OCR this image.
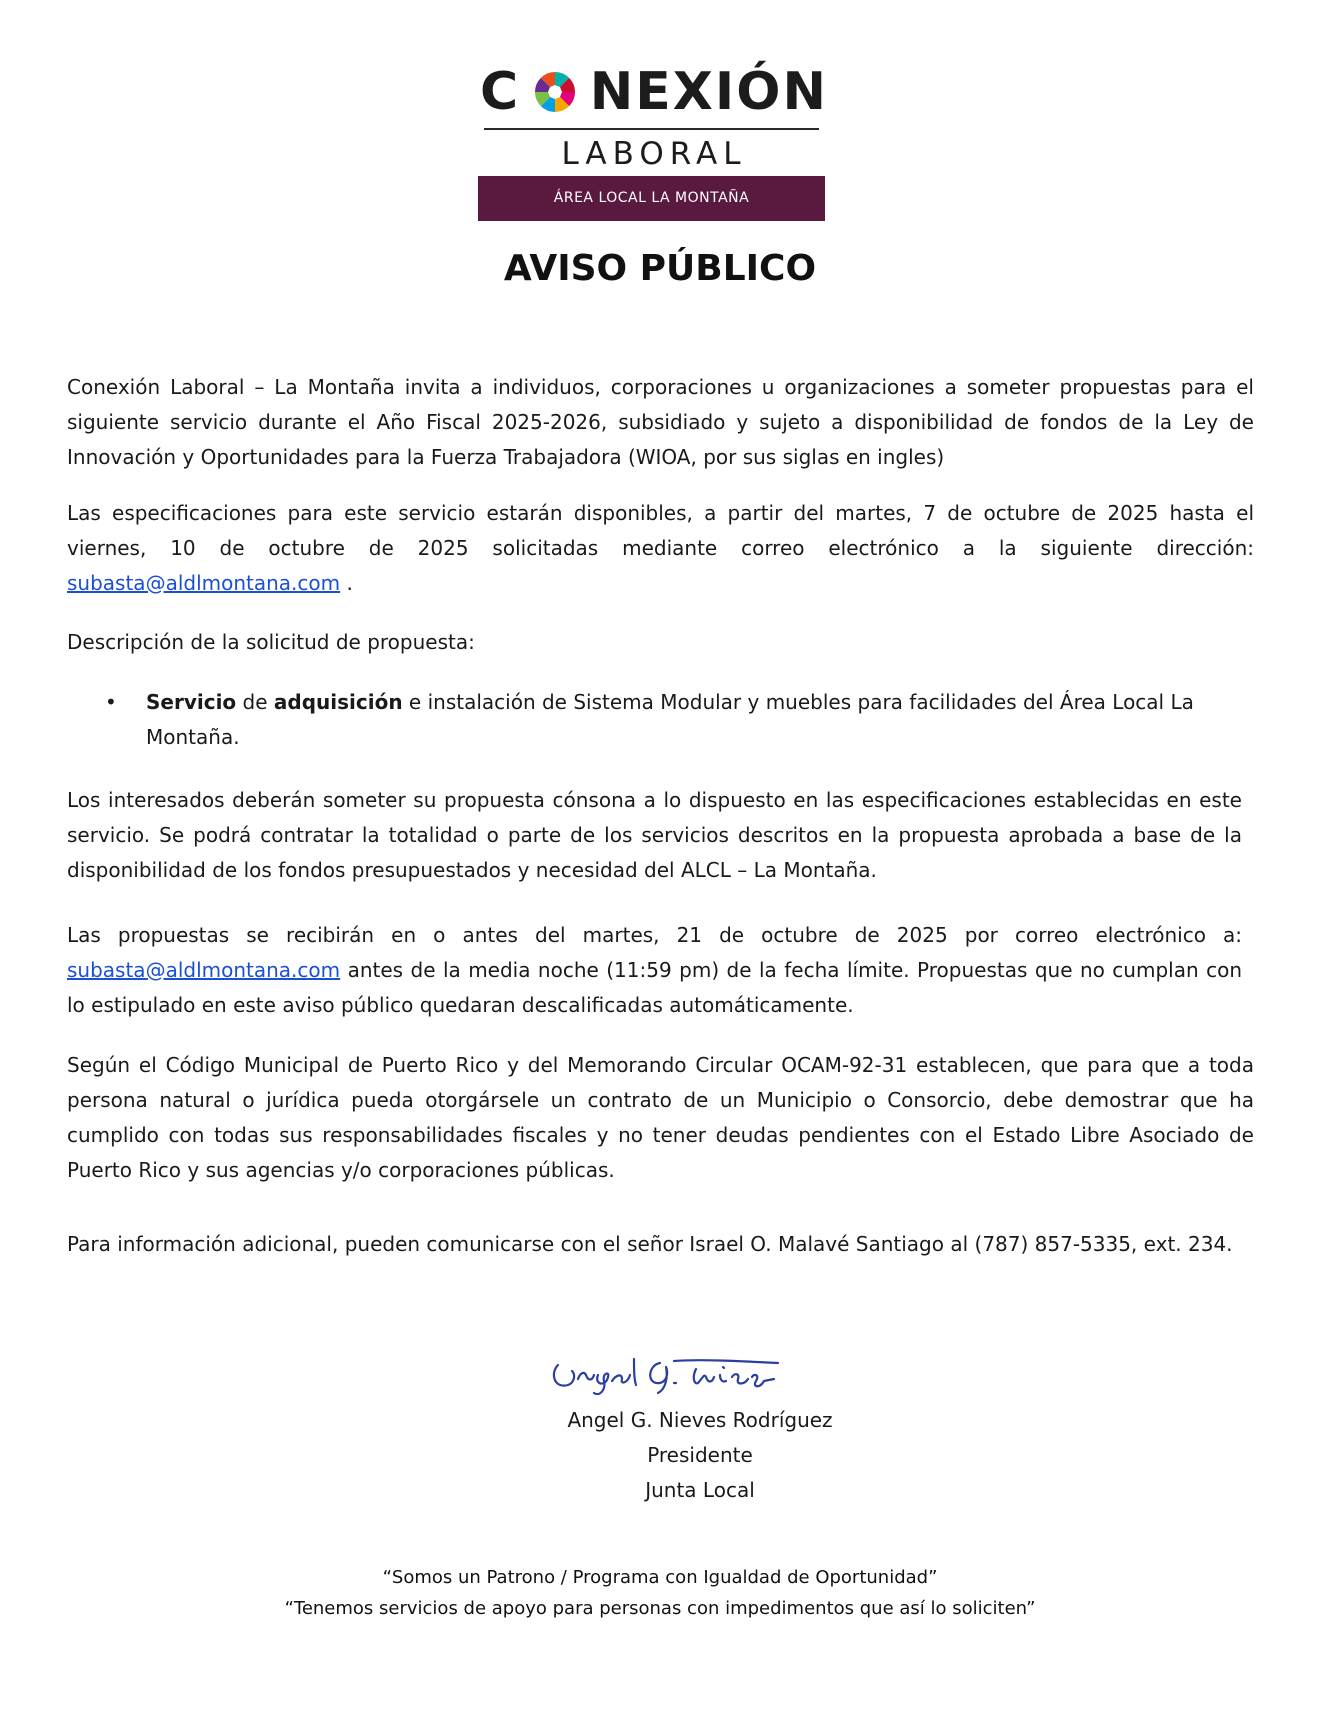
C NEXIÓN
LABORAL
ÁREA LOCAL LA MONTAÑA
AVISO PÚBLICO

Conexión Laboral – La Montaña invita a individuos, corporaciones u organizaciones a someter propuestas para el siguiente servicio durante el Año Fiscal 2025-2026, subsidiado y sujeto a disponibilidad de fondos de la Ley de Innovación y Oportunidades para la Fuerza Trabajadora (WIOA, por sus siglas en ingles)

Las especificaciones para este servicio estarán disponibles, a partir del martes, 7 de octubre de 2025 hasta el viernes, 10 de octubre de 2025 solicitadas mediante correo electrónico a la siguiente dirección: subasta@aldlmontana.com .

Descripción de la solicitud de propuesta:

•	Servicio de adquisición e instalación de Sistema Modular y muebles para facilidades del Área Local La Montaña.

Los interesados deberán someter su propuesta cónsona a lo dispuesto en las especificaciones establecidas en este servicio. Se podrá contratar la totalidad o parte de los servicios descritos en la propuesta aprobada a base de la disponibilidad de los fondos presupuestados y necesidad del ALCL – La Montaña.

Las propuestas se recibirán en o antes del martes, 21 de octubre de 2025 por correo electrónico a: subasta@aldlmontana.com antes de la media noche (11:59 pm) de la fecha límite. Propuestas que no cumplan con lo estipulado en este aviso público quedaran descalificadas automáticamente.

Según el Código Municipal de Puerto Rico y del Memorando Circular OCAM-92-31 establecen, que para que a toda persona natural o jurídica pueda otorgársele un contrato de un Municipio o Consorcio, debe demostrar que ha cumplido con todas sus responsabilidades fiscales y no tener deudas pendientes con el Estado Libre Asociado de Puerto Rico y sus agencias y/o corporaciones públicas.

Para información adicional, pueden comunicarse con el señor Israel O. Malavé Santiago al (787) 857-5335, ext. 234.

Angel G. Nieves Rodríguez
Presidente
Junta Local
“Somos un Patrono / Programa con Igualdad de Oportunidad”
“Tenemos servicios de apoyo para personas con impedimentos que así lo soliciten”
